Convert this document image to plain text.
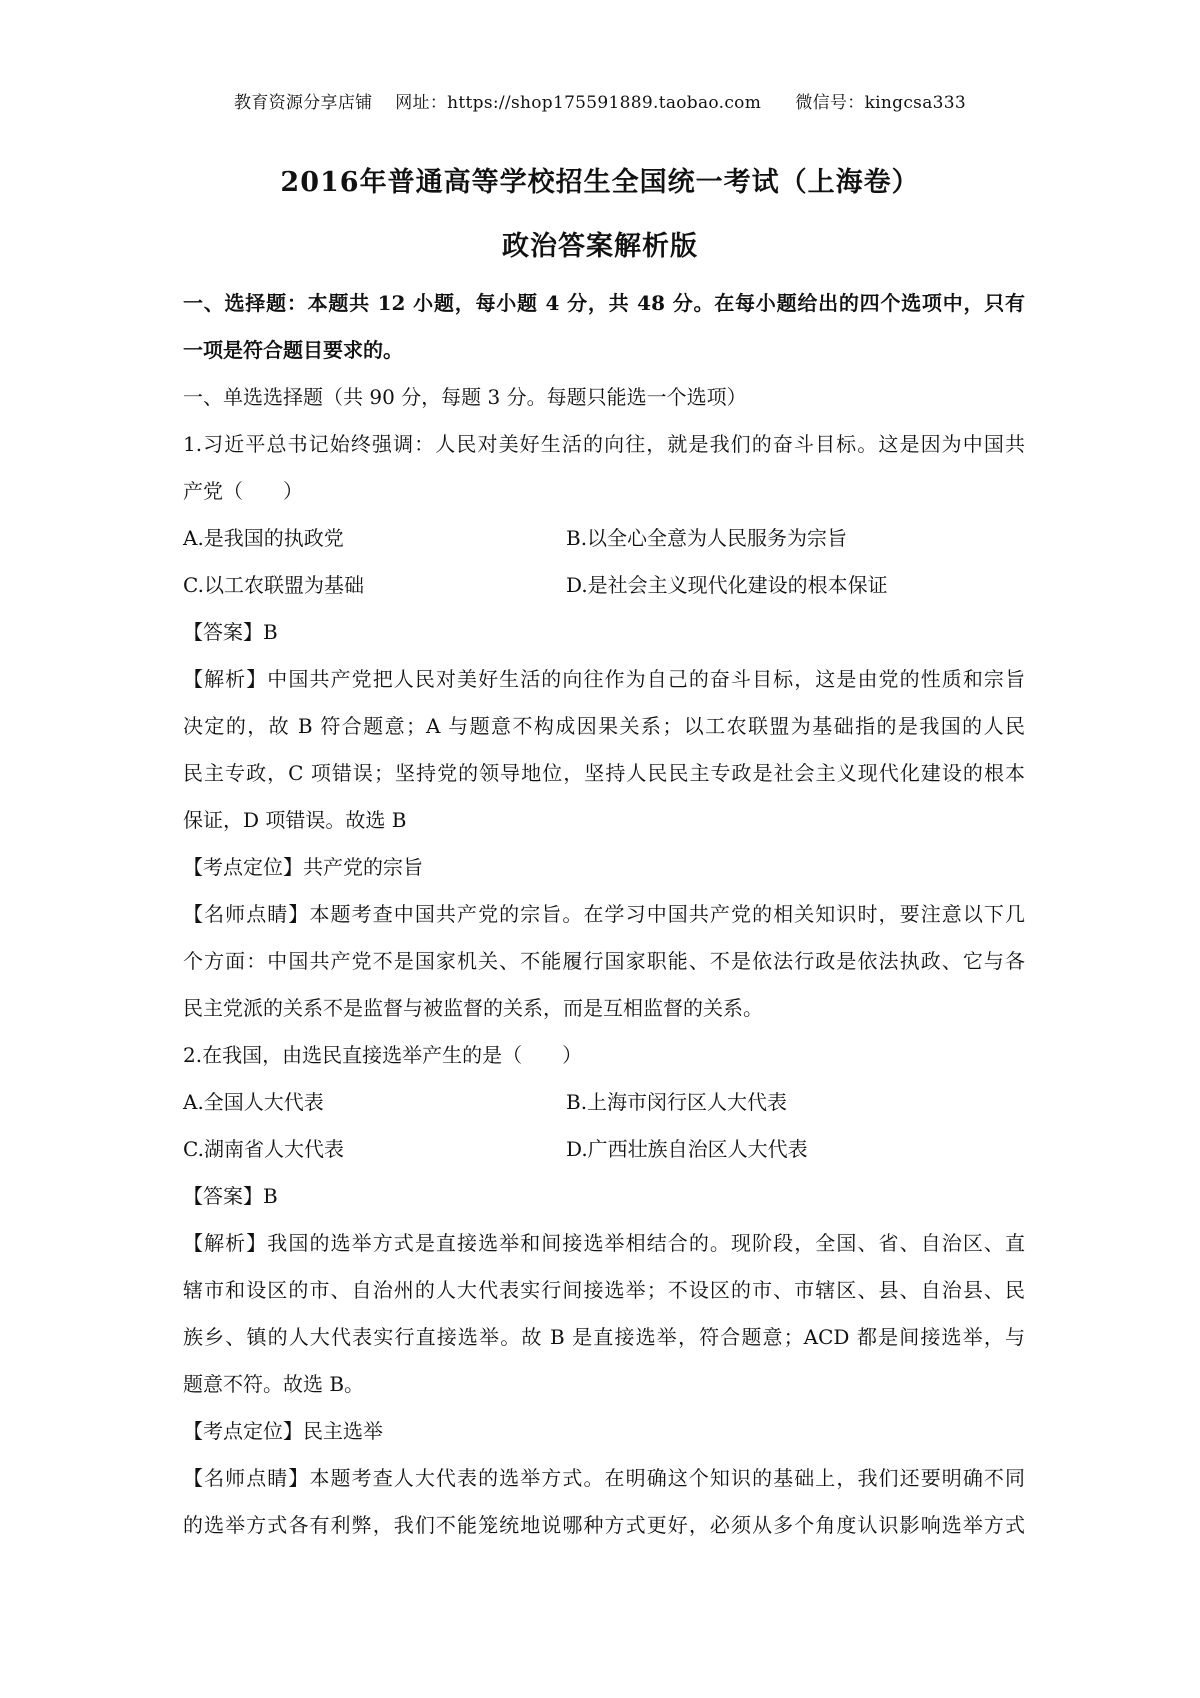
教育资源分享店铺 网址：https://shop175591889.taobao.com 微信号：kingcsa333
2016年普通高等学校招生全国统一考试（上海卷）
政治答案解析版
一、选择题：本题共 12 小题，每小题 4 分，共 48 分。在每小题给出的四个选项中，只有
一项是符合题目要求的。
一、单选选择题（共 90 分，每题 3 分。每题只能选一个选项）
1.习近平总书记始终强调：人民对美好生活的向往，就是我们的奋斗目标。这是因为中国共
产党（　　）
A.是我国的执政党	B.以全心全意为人民服务为宗旨
C.以工农联盟为基础	D.是社会主义现代化建设的根本保证
【答案】B
【解析】中国共产党把人民对美好生活的向往作为自己的奋斗目标，这是由党的性质和宗旨
决定的，故 B 符合题意；A 与题意不构成因果关系；以工农联盟为基础指的是我国的人民
民主专政，C 项错误；坚持党的领导地位，坚持人民民主专政是社会主义现代化建设的根本
保证，D 项错误。故选 B
【考点定位】共产党的宗旨
【名师点睛】本题考查中国共产党的宗旨。在学习中国共产党的相关知识时，要注意以下几
个方面：中国共产党不是国家机关、不能履行国家职能、不是依法行政是依法执政、它与各
民主党派的关系不是监督与被监督的关系，而是互相监督的关系。
2.在我国，由选民直接选举产生的是（　　）
A.全国人大代表	B.上海市闵行区人大代表
C.湖南省人大代表	D.广西壮族自治区人大代表
【答案】B
【解析】我国的选举方式是直接选举和间接选举相结合的。现阶段，全国、省、自治区、直
辖市和设区的市、自治州的人大代表实行间接选举；不设区的市、市辖区、县、自治县、民
族乡、镇的人大代表实行直接选举。故 B 是直接选举，符合题意；ACD 都是间接选举，与
题意不符。故选 B。
【考点定位】民主选举
【名师点睛】本题考查人大代表的选举方式。在明确这个知识的基础上，我们还要明确不同
的选举方式各有利弊，我们不能笼统地说哪种方式更好，必须从多个角度认识影响选举方式
